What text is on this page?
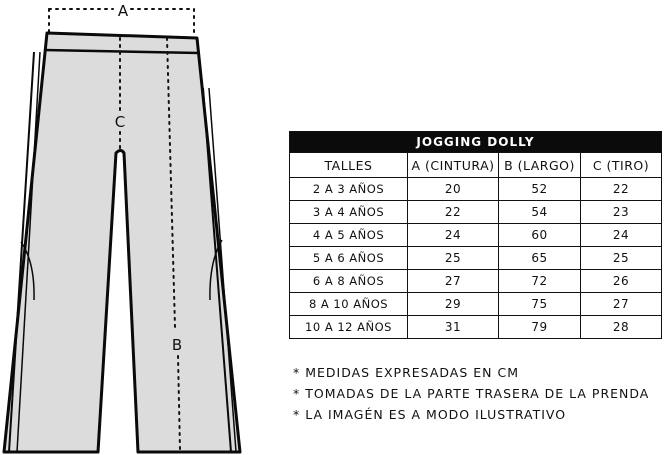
A
C
B
JOGGING DOLLY			
TALLES	A (CINTURA)	B (LARGO)	C (TIRO)
2 A 3 AÑOS	20	52	22
3 A 4 AÑOS	22	54	23
4 A 5 AÑOS	24	60	24
5 A 6 AÑOS	25	65	25
6 A 8 AÑOS	27	72	26
8 A 10 AÑOS	29	75	27
10 A 12 AÑOS	31	79	28
* MEDIDAS EXPRESADAS EN CM
* TOMADAS DE LA PARTE TRASERA DE LA PRENDA
* LA IMAGÉN ES A MODO ILUSTRATIVO
